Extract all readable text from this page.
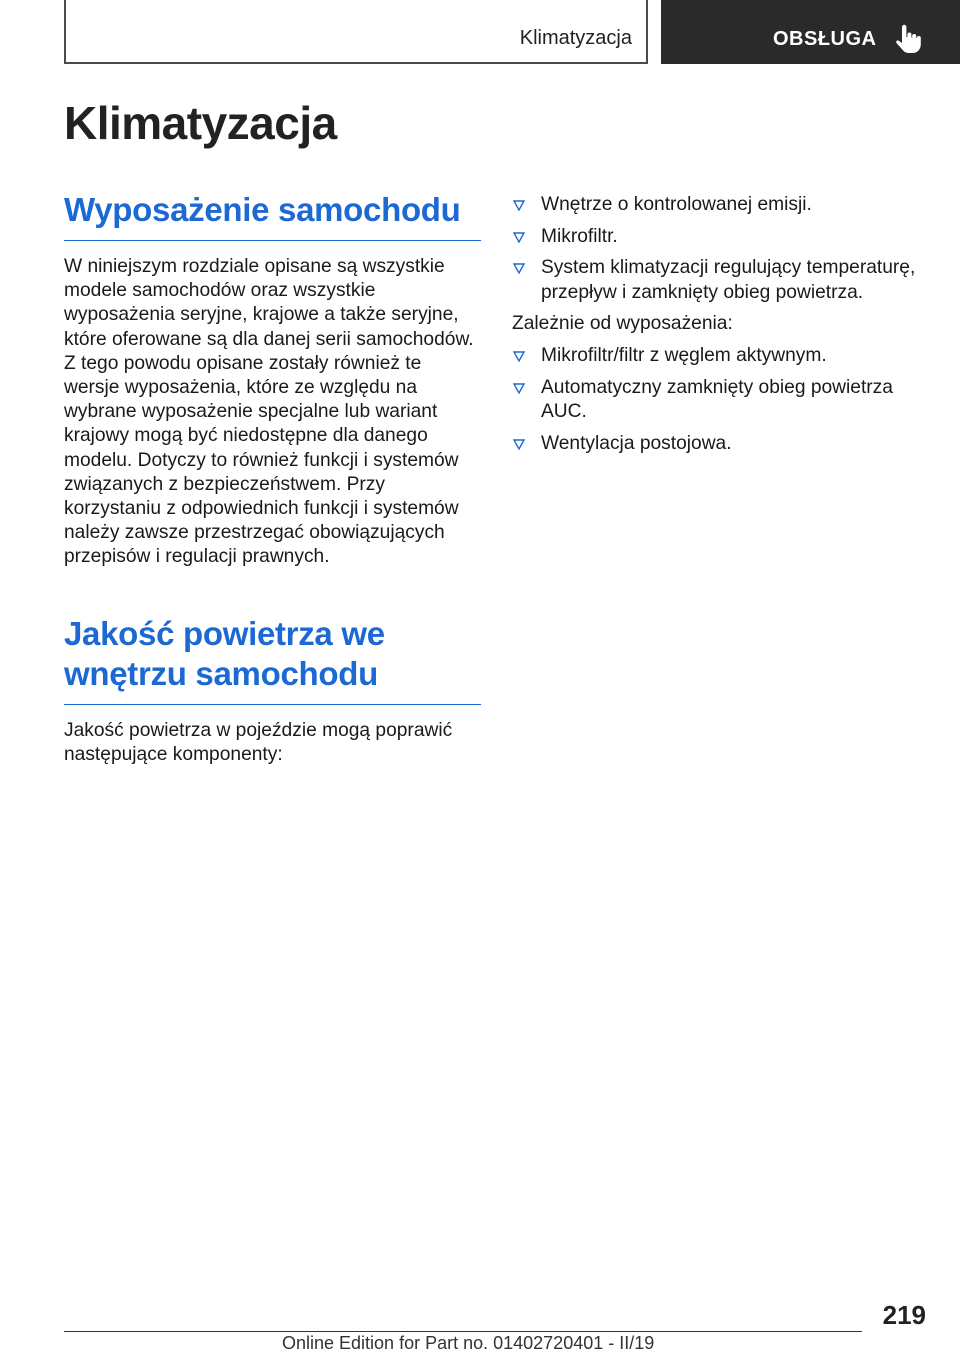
Klimatyzacja	OBSŁUGA
Klimatyzacja
Wyposażenie samochodu

W niniejszym rozdziale opisane są wszystkie modele samochodów oraz wszystkie wyposażenia seryjne, krajowe a także seryjne, które oferowane są dla danej serii samochodów. Z tego powodu opisane zostały również te wersje wyposażenia, które ze względu na wybrane wyposażenie specjalne lub wariant krajowy mogą być niedostępne dla danego modelu. Dotyczy to również funkcji i systemów związanych z bezpieczeństwem. Przy korzystaniu z odpowiednich funkcji i systemów należy zawsze przestrzegać obowiązujących przepisów i regulacji prawnych.

Jakość powietrza we wnętrzu samochodu

Jakość powietrza w pojeździe mogą poprawić następujące komponenty:

Wnętrze o kontrolowanej emisji.
Mikrofiltr.
System klimatyzacji regulujący temperaturę, przepływ i zamknięty obieg powietrza.

Zależnie od wyposażenia:

Mikrofiltr/filtr z węglem aktywnym.
Automatyczny zamknięty obieg powietrza AUC.
Wentylacja postojowa.
219
Online Edition for Part no. 01402720401 - II/19
